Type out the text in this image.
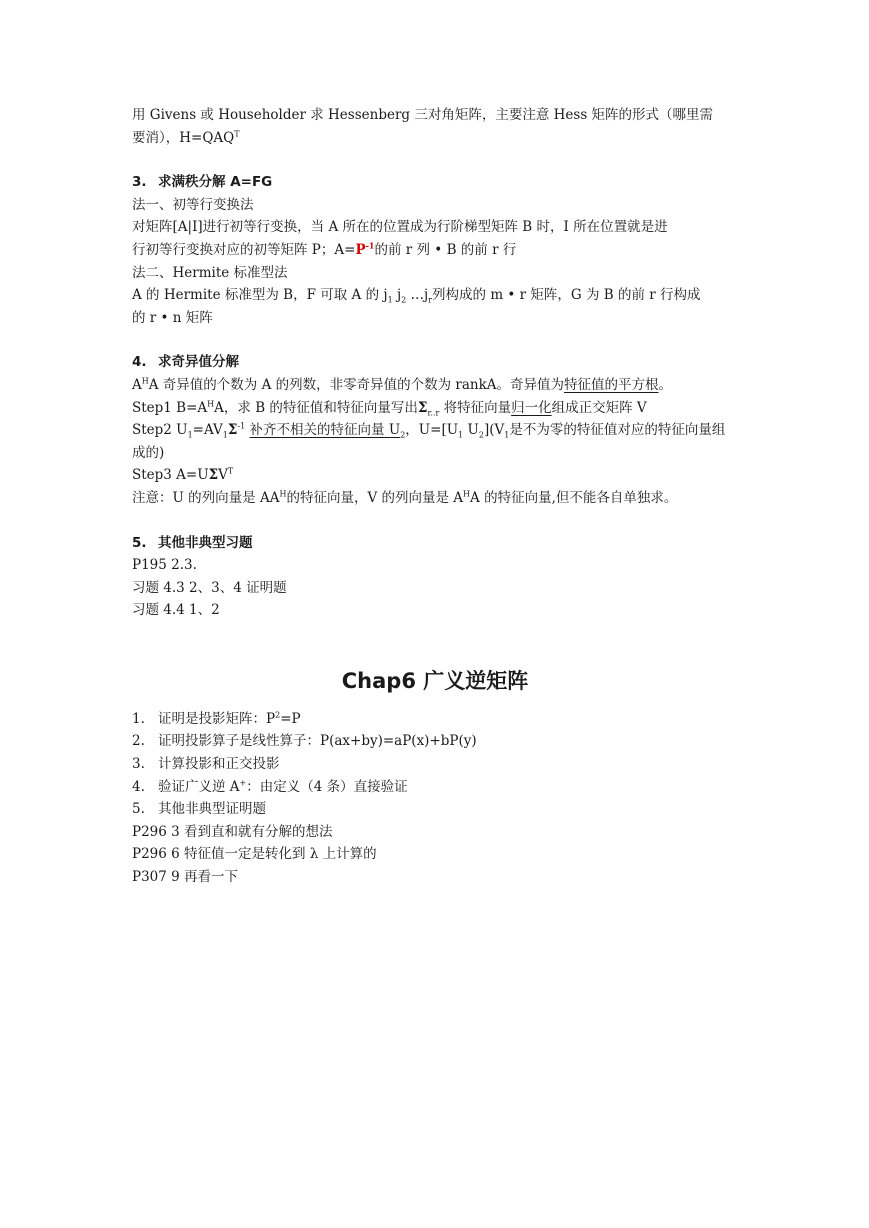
用 Givens 或 Householder 求 Hessenberg 三对角矩阵，主要注意 Hess 矩阵的形式（哪里需
要消），$H=QAQ^T$
3. 求满秩分解 A=FG
法一、初等行变换法
对矩阵[A|I]进行初等行变换，当 A 所在的位置成为行阶梯型矩阵 B 时，I 所在位置就是进
行初等行变换对应的初等矩阵 P；$A=P^{-1}$的前 r 列 • B 的前 r 行
法二、Hermite 标准型法
A 的 Hermite 标准型为 B，F 可取 A 的 $j_1$ $j_2$ $\dots j_r$列构成的 m • r 矩阵，G 为 B 的前 r 行构成
的 r • n 矩阵
4. 求奇异值分解
$A^HA$ 奇异值的个数为 A 的列数，非零奇异值的个数为 rankA。奇异值为特征值的平方根。
Step1 $B=A^HA$，求 B 的特征值和特征向量写出$\Sigma_{r..r}$ 将特征向量归一化组成正交矩阵 V
Step2 $U_1=AV_1\Sigma^{-1}$ 补齐不相关的特征向量 $U_2$，$U=[U_1$ $U_2](V_1$是不为零的特征值对应的特征向量组
成的)
Step3 $A=U\Sigma V^T$
注意：U 的列向量是 $AA^H$的特征向量，V 的列向量是 $A^HA$ 的特征向量,但不能各自单独求。
5. 其他非典型习题
P195 2.3.
习题 4.3 2、3、4 证明题
习题 4.4 1、2
Chap6 广义逆矩阵
1. 证明是投影矩阵：$P^2=P$
2. 证明投影算子是线性算子：P(ax+by)=aP(x)+bP(y)
3. 计算投影和正交投影
4. 验证广义逆 A+：由定义（4 条）直接验证
5. 其他非典型证明题
P296 3 看到直和就有分解的想法
P296 6 特征值一定是转化到 λ 上计算的
P307 9 再看一下
